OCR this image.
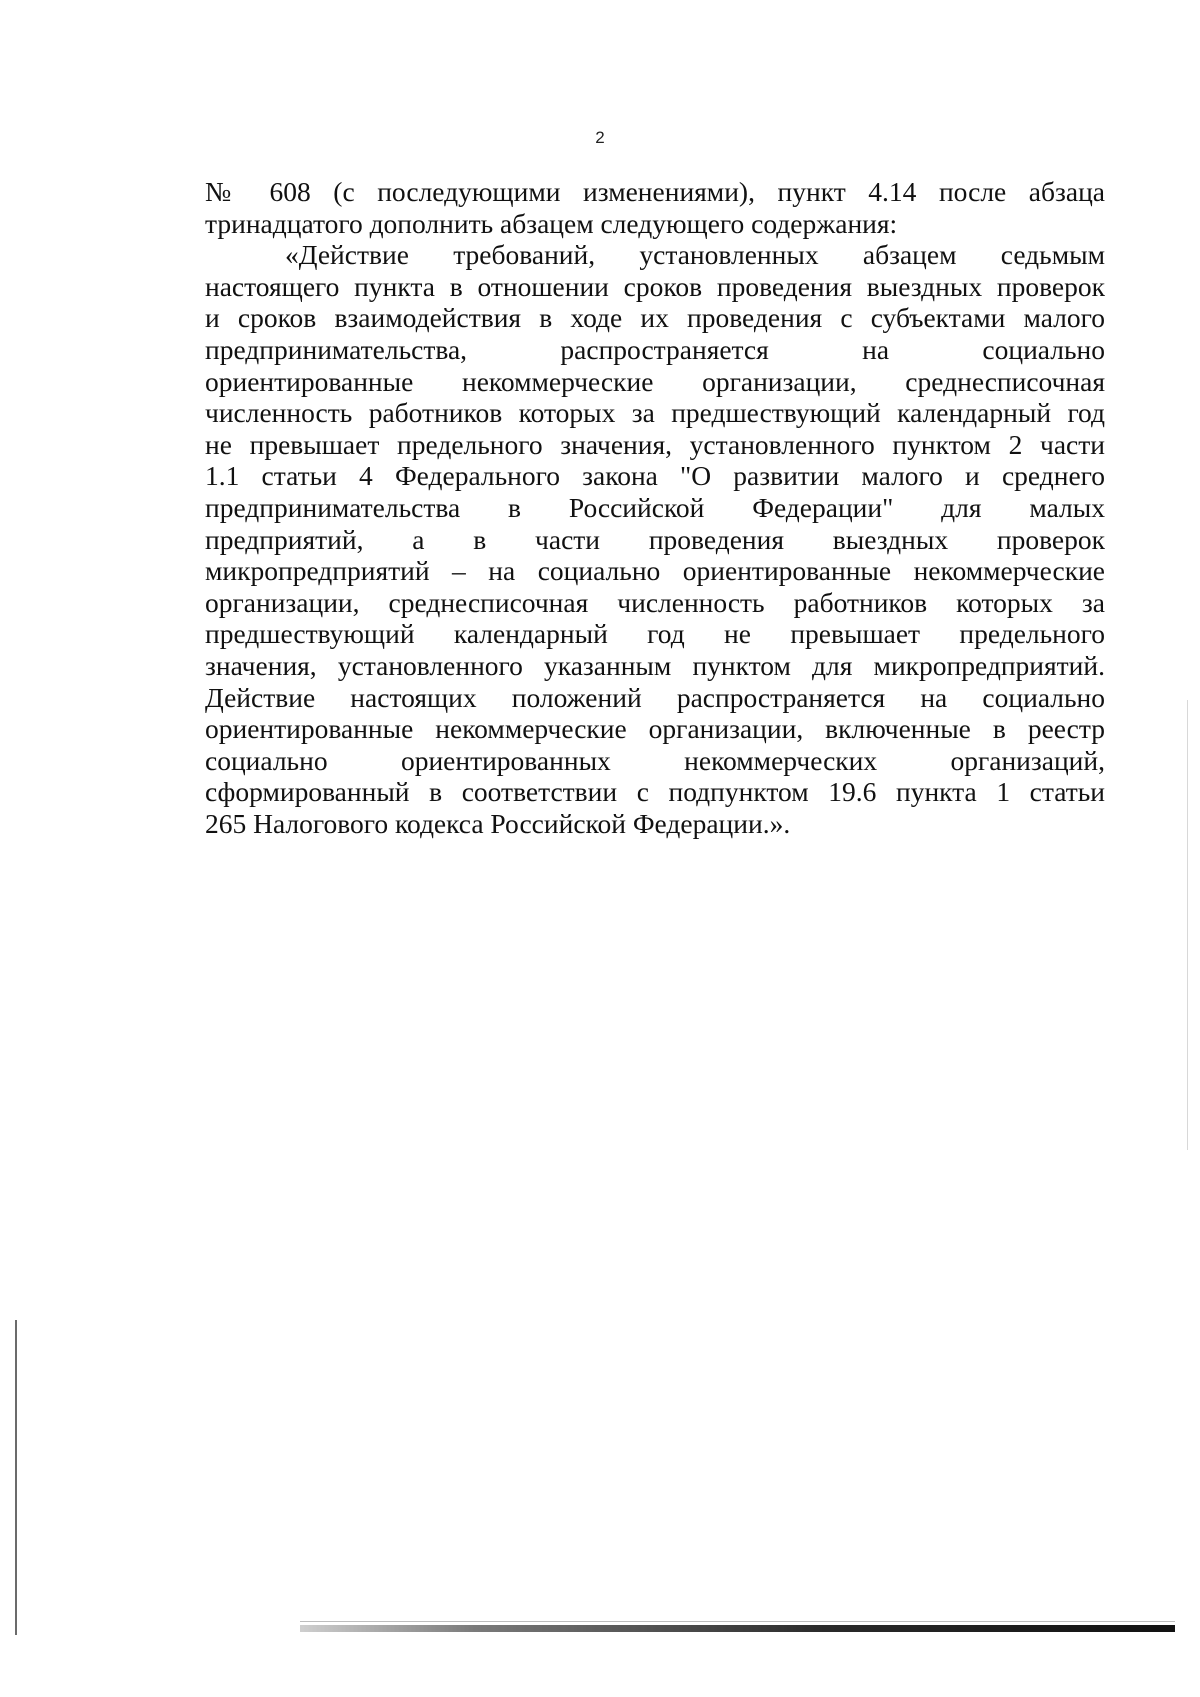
2
№ 608 (с последующими изменениями), пункт 4.14 после абзаца
тринадцатого дополнить абзацем следующего содержания:
«Действие требований, установленных абзацем седьмым
настоящего пункта в отношении сроков проведения выездных проверок
и сроков взаимодействия в ходе их проведения с субъектами малого
предпринимательства, распространяется на социально
ориентированные некоммерческие организации, среднесписочная
численность работников которых за предшествующий календарный год
не превышает предельного значения, установленного пунктом 2 части
1.1 статьи 4 Федерального закона "О развитии малого и среднего
предпринимательства в Российской Федерации" для малых
предприятий, а в части проведения выездных проверок
микропредприятий – на социально ориентированные некоммерческие
организации, среднесписочная численность работников которых за
предшествующий календарный год не превышает предельного
значения, установленного указанным пунктом для микропредприятий.
Действие настоящих положений распространяется на социально
ориентированные некоммерческие организации, включенные в реестр
социально ориентированных некоммерческих организаций,
сформированный в соответствии с подпунктом 19.6 пункта 1 статьи
265 Налогового кодекса Российской Федерации.».
